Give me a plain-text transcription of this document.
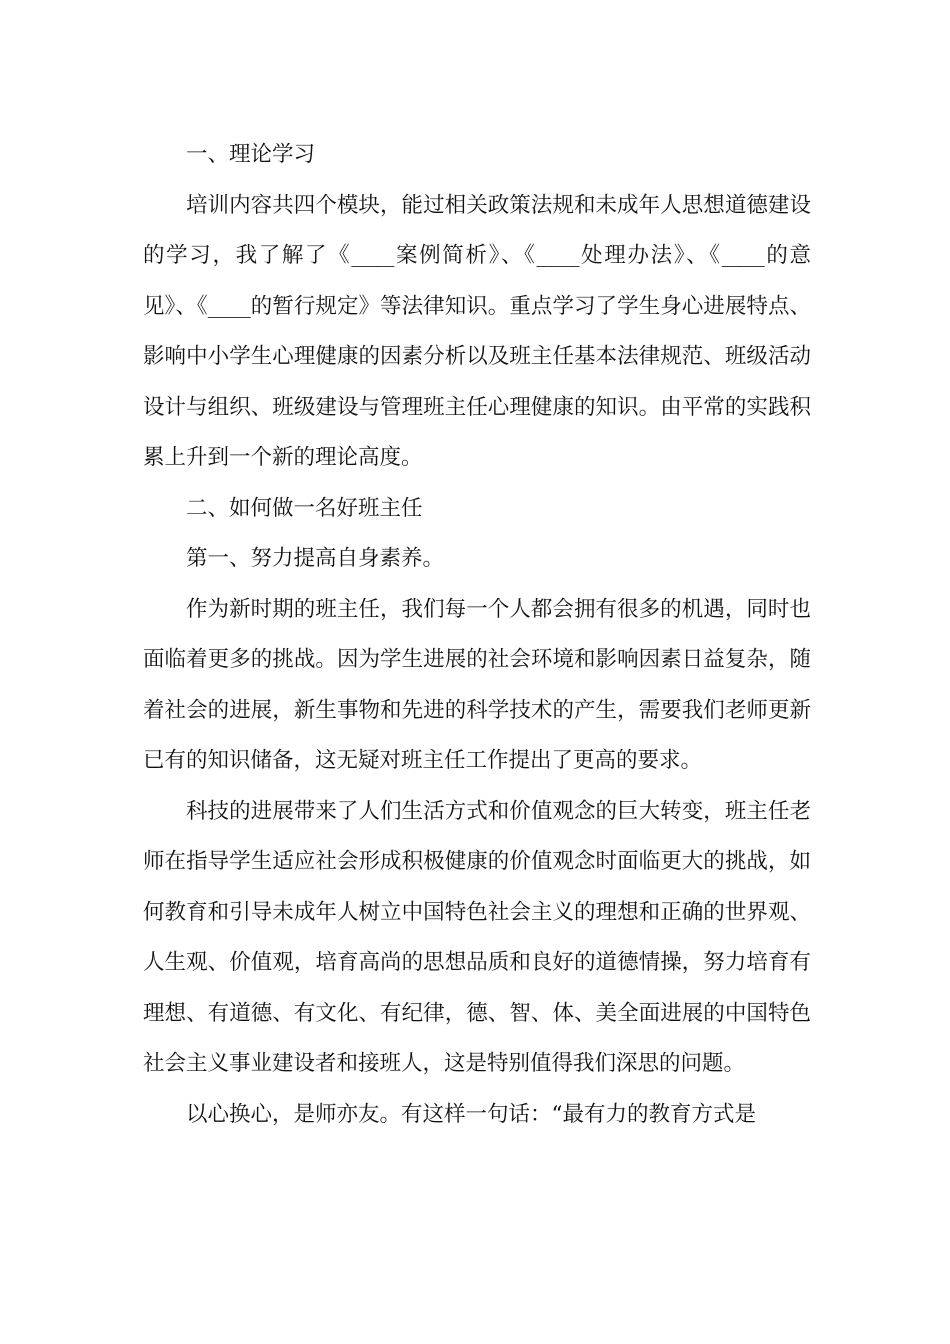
一、理论学习

培训内容共四个模块，能过相关政策法规和未成年人思想道德建设的学习，我了解了《____案例简析》、《____处理办法》、《____的意见》、《____的暂行规定》等法律知识。重点学习了学生身心进展特点、影响中小学生心理健康的因素分析以及班主任基本法律规范、班级活动设计与组织、班级建设与管理班主任心理健康的知识。由平常的实践积累上升到一个新的理论高度。

二、如何做一名好班主任

第一、努力提高自身素养。

作为新时期的班主任，我们每一个人都会拥有很多的机遇，同时也面临着更多的挑战。因为学生进展的社会环境和影响因素日益复杂，随着社会的进展，新生事物和先进的科学技术的产生，需要我们老师更新已有的知识储备，这无疑对班主任工作提出了更高的要求。

科技的进展带来了人们生活方式和价值观念的巨大转变，班主任老师在指导学生适应社会形成积极健康的价值观念时面临更大的挑战，如何教育和引导未成年人树立中国特色社会主义的理想和正确的世界观、人生观、价值观，培育高尚的思想品质和良好的道德情操，努力培育有理想、有道德、有文化、有纪律，德、智、体、美全面进展的中国特色社会主义事业建设者和接班人，这是特别值得我们深思的问题。

以心换心，是师亦友。有这样一句话：“最有力的教育方式是
